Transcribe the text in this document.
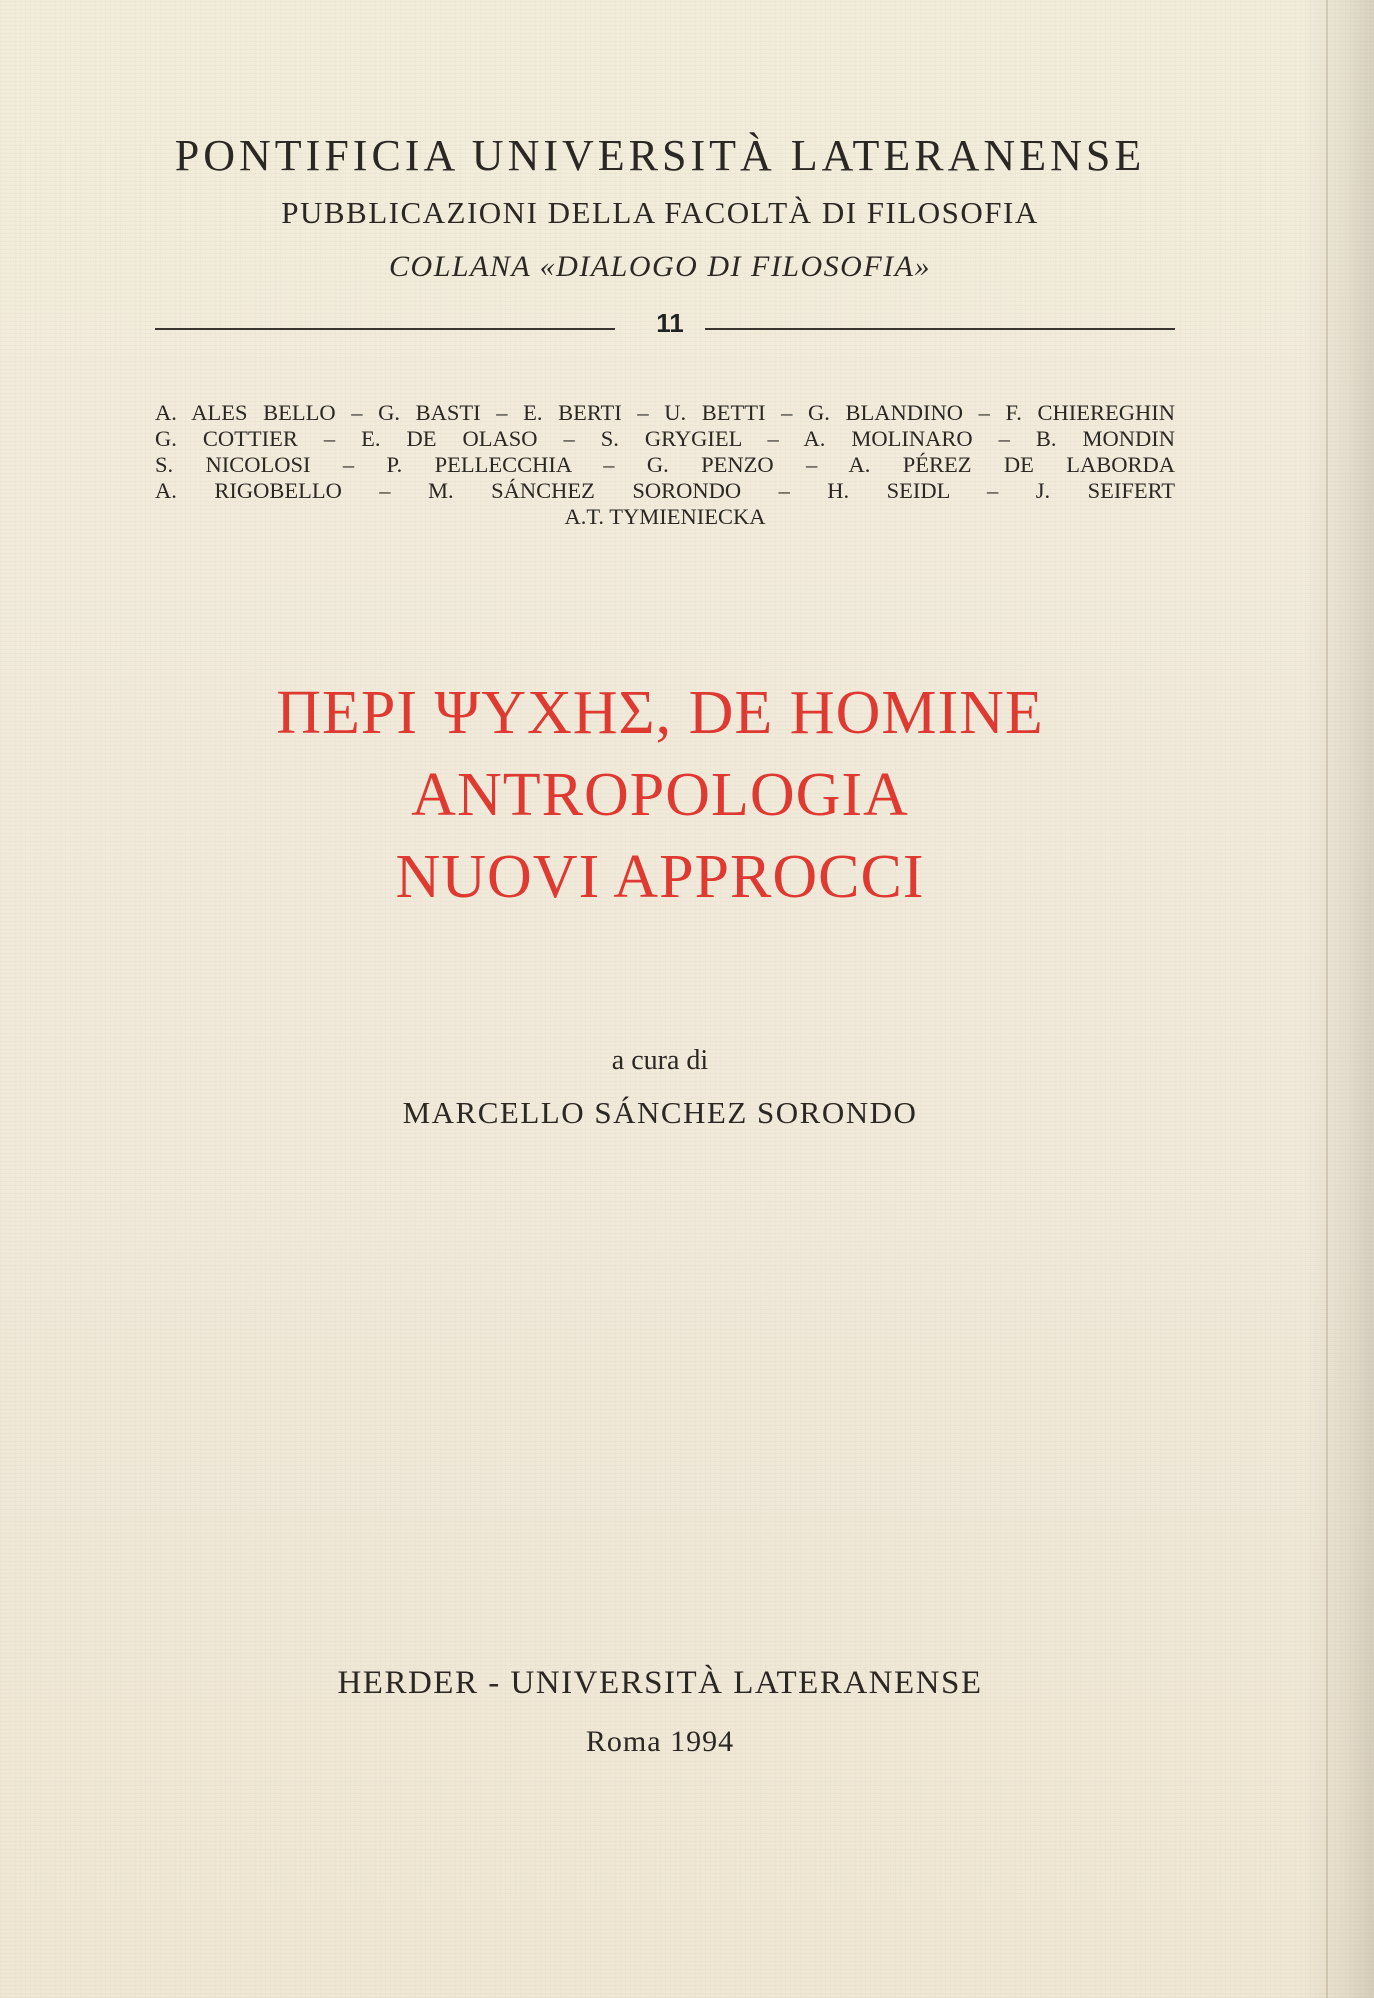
PONTIFICIA UNIVERSITÀ LATERANENSE
PUBBLICAZIONI DELLA FACOLTÀ DI FILOSOFIA
COLLANA «DIALOGO DI FILOSOFIA»
11
A. ALES BELLO – G. BASTI – E. BERTI – U. BETTI – G. BLANDINO – F. CHIEREGHIN
G. COTTIER – E. DE OLASO – S. GRYGIEL – A. MOLINARO – B. MONDIN
S. NICOLOSI – P. PELLECCHIA – G. PENZO – A. PÉREZ DE LABORDA
A. RIGOBELLO – M. SÁNCHEZ SORONDO – H. SEIDL – J. SEIFERT
A.T. TYMIENIECKA
ΠΕΡΙ ΨΥΧΗΣ, DE HOMINE
ANTROPOLOGIA
NUOVI APPROCCI
a cura di
MARCELLO SÁNCHEZ SORONDO
HERDER - UNIVERSITÀ LATERANENSE
Roma 1994
